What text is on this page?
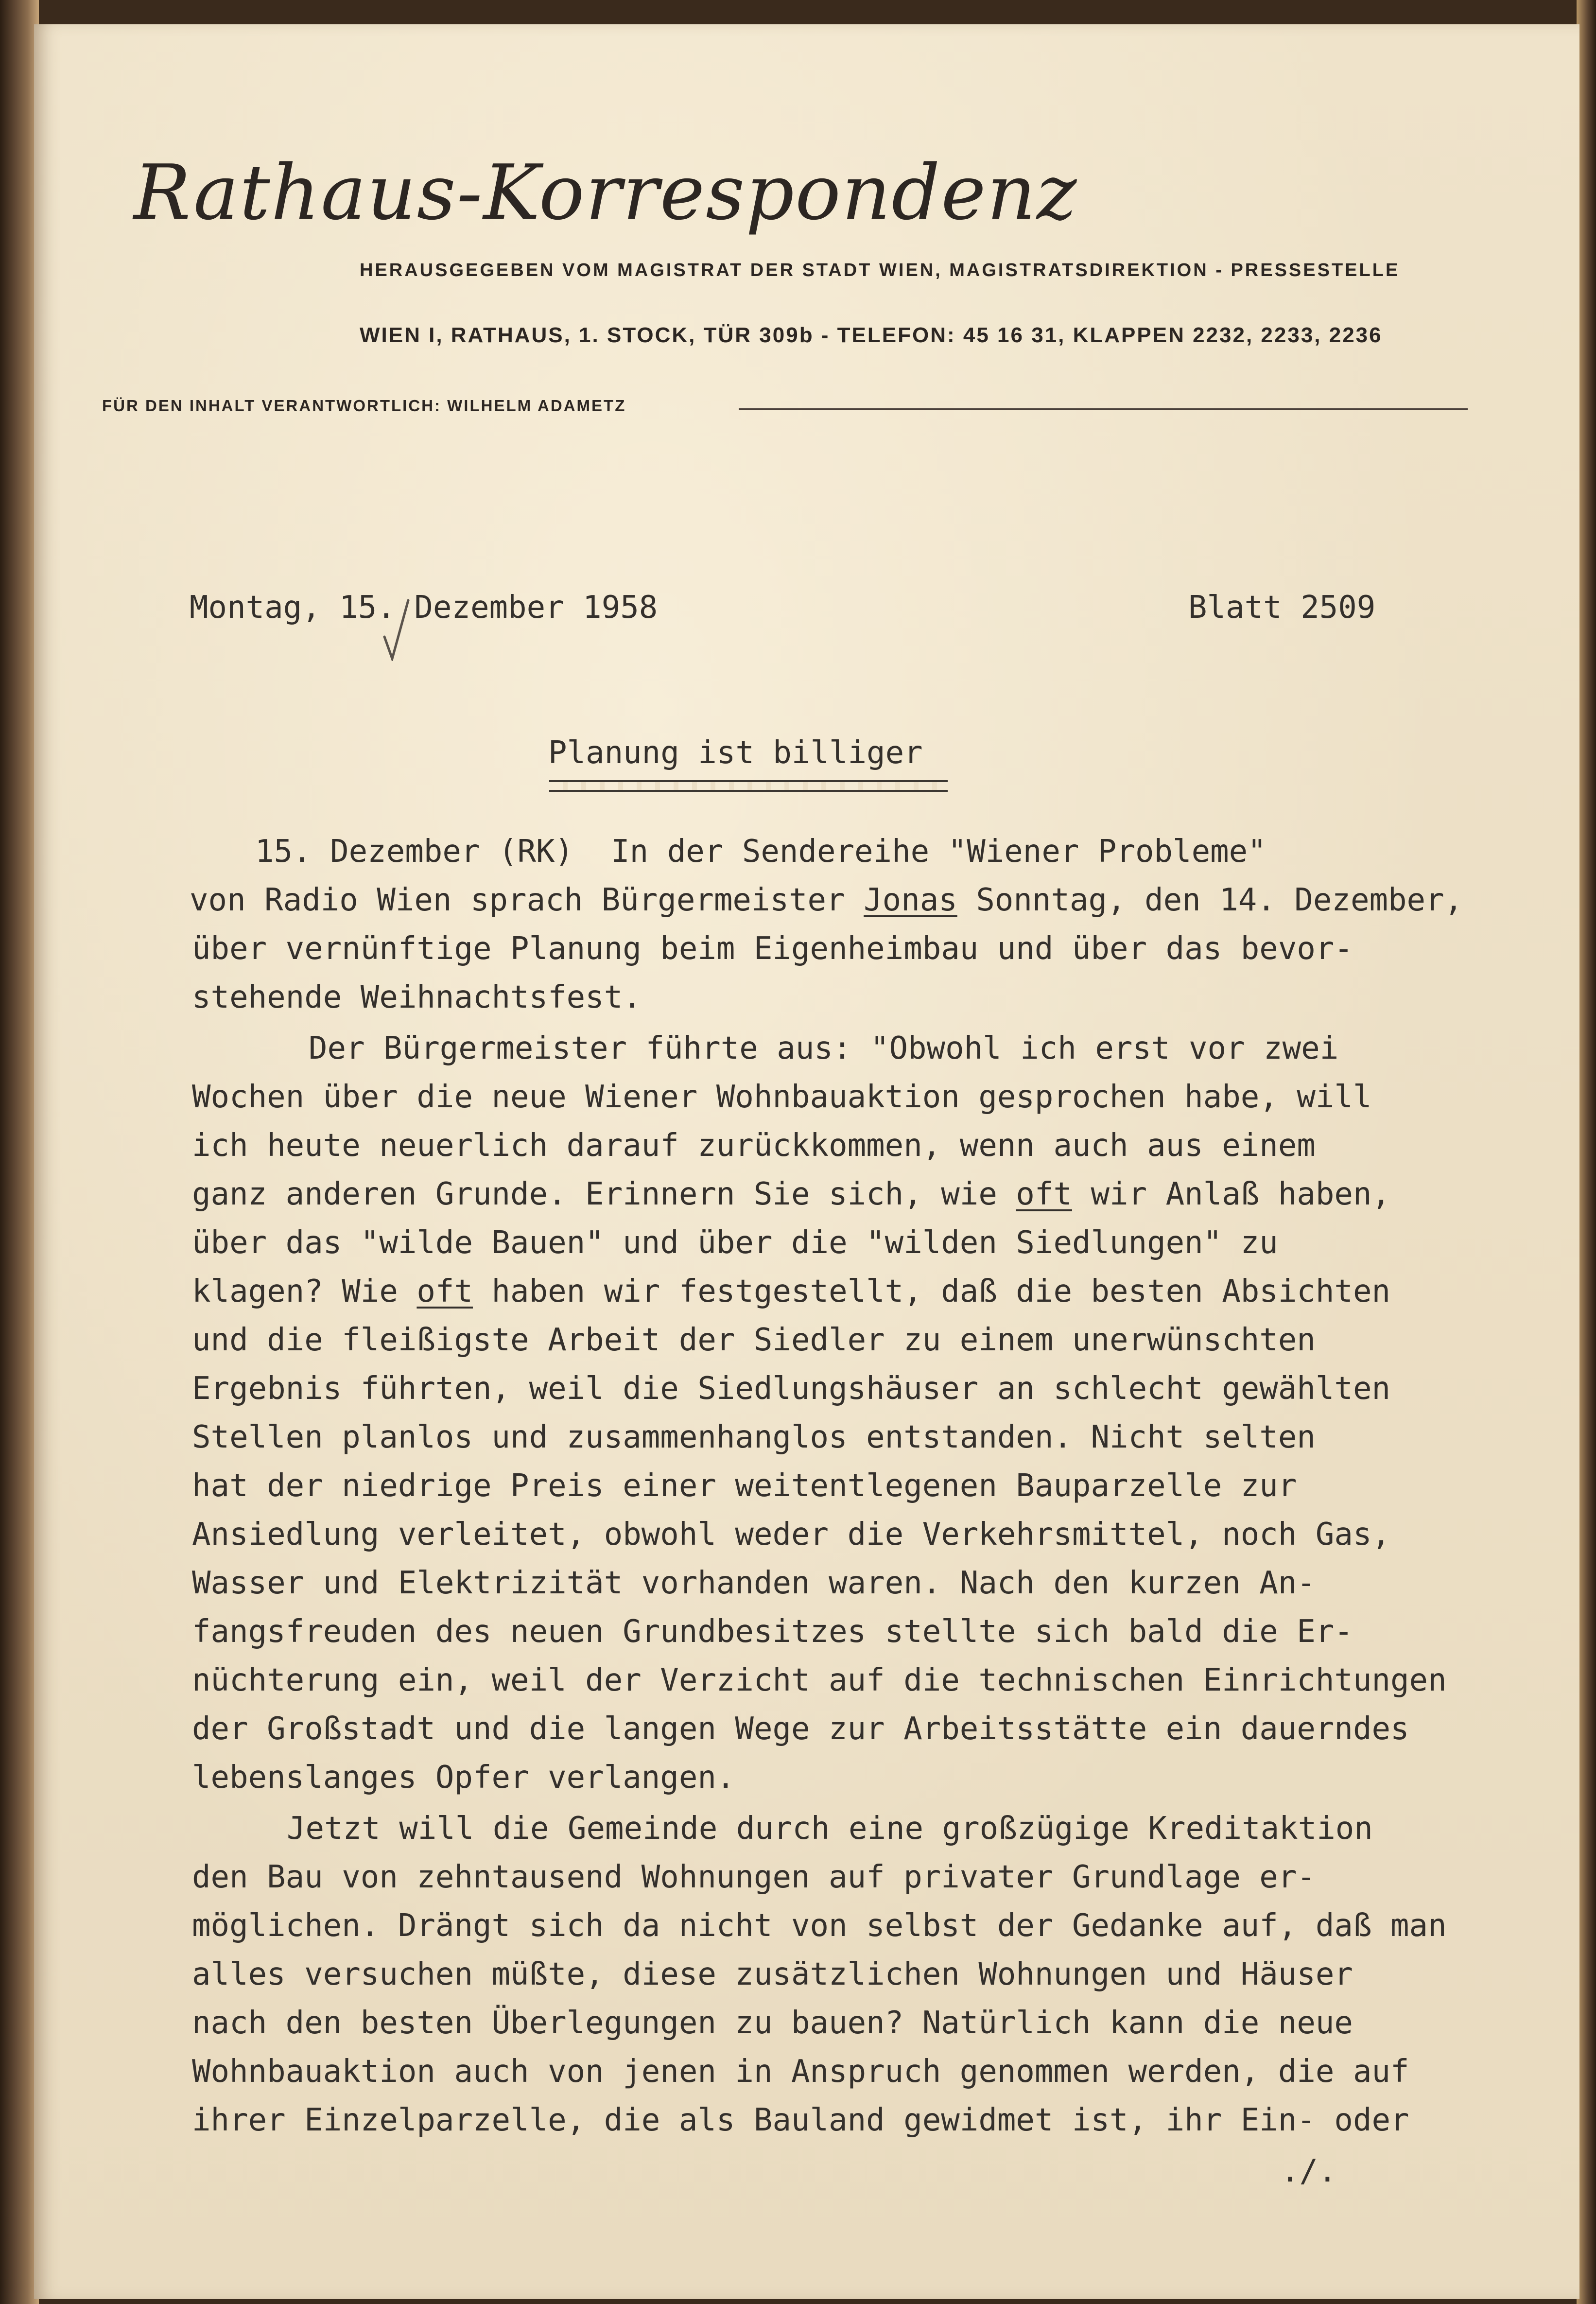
Rathaus-Korrespondenz
HERAUSGEGEBEN VOM MAGISTRAT DER STADT WIEN, MAGISTRATSDIREKTION - PRESSESTELLE
WIEN I, RATHAUS, 1. STOCK, TÜR 309b - TELEFON: 45 16 31, KLAPPEN 2232, 2233, 2236
FÜR DEN INHALT VERANTWORTLICH: WILHELM ADAMETZ
Montag, 15. Dezember 1958	Blatt 2509
Planung ist billiger
15. Dezember (RK)  In der Sendereihe "Wiener Probleme"
von Radio Wien sprach Bürgermeister Jonas Sonntag, den 14. Dezember,
über vernünftige Planung beim Eigenheimbau und über das bevor-
stehende Weihnachtsfest.
Der Bürgermeister führte aus: "Obwohl ich erst vor zwei
Wochen über die neue Wiener Wohnbauaktion gesprochen habe, will
ich heute neuerlich darauf zurückkommen, wenn auch aus einem
ganz anderen Grunde. Erinnern Sie sich, wie oft wir Anlaß haben,
über das "wilde Bauen" und über die "wilden Siedlungen" zu
klagen? Wie oft haben wir festgestellt, daß die besten Absichten
und die fleißigste Arbeit der Siedler zu einem unerwünschten
Ergebnis führten, weil die Siedlungshäuser an schlecht gewählten
Stellen planlos und zusammenhanglos entstanden. Nicht selten
hat der niedrige Preis einer weitentlegenen Bauparzelle zur
Ansiedlung verleitet, obwohl weder die Verkehrsmittel, noch Gas,
Wasser und Elektrizität vorhanden waren. Nach den kurzen An-
fangsfreuden des neuen Grundbesitzes stellte sich bald die Er-
nüchterung ein, weil der Verzicht auf die technischen Einrichtungen
der Großstadt und die langen Wege zur Arbeitsstätte ein dauerndes
lebenslanges Opfer verlangen.
Jetzt will die Gemeinde durch eine großzügige Kreditaktion
den Bau von zehntausend Wohnungen auf privater Grundlage er-
möglichen. Drängt sich da nicht von selbst der Gedanke auf, daß man
alles versuchen müßte, diese zusätzlichen Wohnungen und Häuser
nach den besten Überlegungen zu bauen? Natürlich kann die neue
Wohnbauaktion auch von jenen in Anspruch genommen werden, die auf
ihrer Einzelparzelle, die als Bauland gewidmet ist, ihr Ein- oder
./.
